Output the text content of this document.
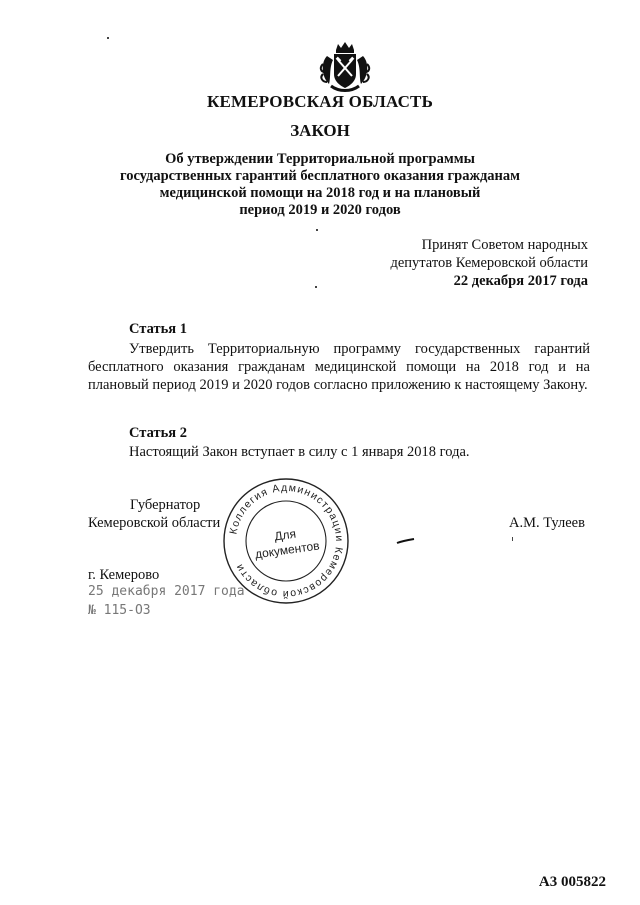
КЕМЕРОВСКАЯ ОБЛАСТЬ
ЗАКОН
Об утверждении Территориальной программы
государственных гарантий бесплатного оказания гражданам
медицинской помощи на 2018 год и на плановый
период 2019 и 2020 годов
Принят Советом народных
депутатов Кемеровской области
22 декабря 2017 года
Статья 1
Утвердить Территориальную программу государственных гарантий бесплатного оказания гражданам медицинской помощи на 2018 год и на плановый период 2019 и 2020 годов согласно приложению к настоящему Закону.
Статья 2
Настоящий Закон вступает в силу с 1 января 2018 года.
Губернатор
Кемеровской области	А.М. Тулеев
Коллегия Администрации Кемеровской области
Для
документов
г. Кемерово
25 декабря 2017 года
№ 115-ОЗ
А3 005822
